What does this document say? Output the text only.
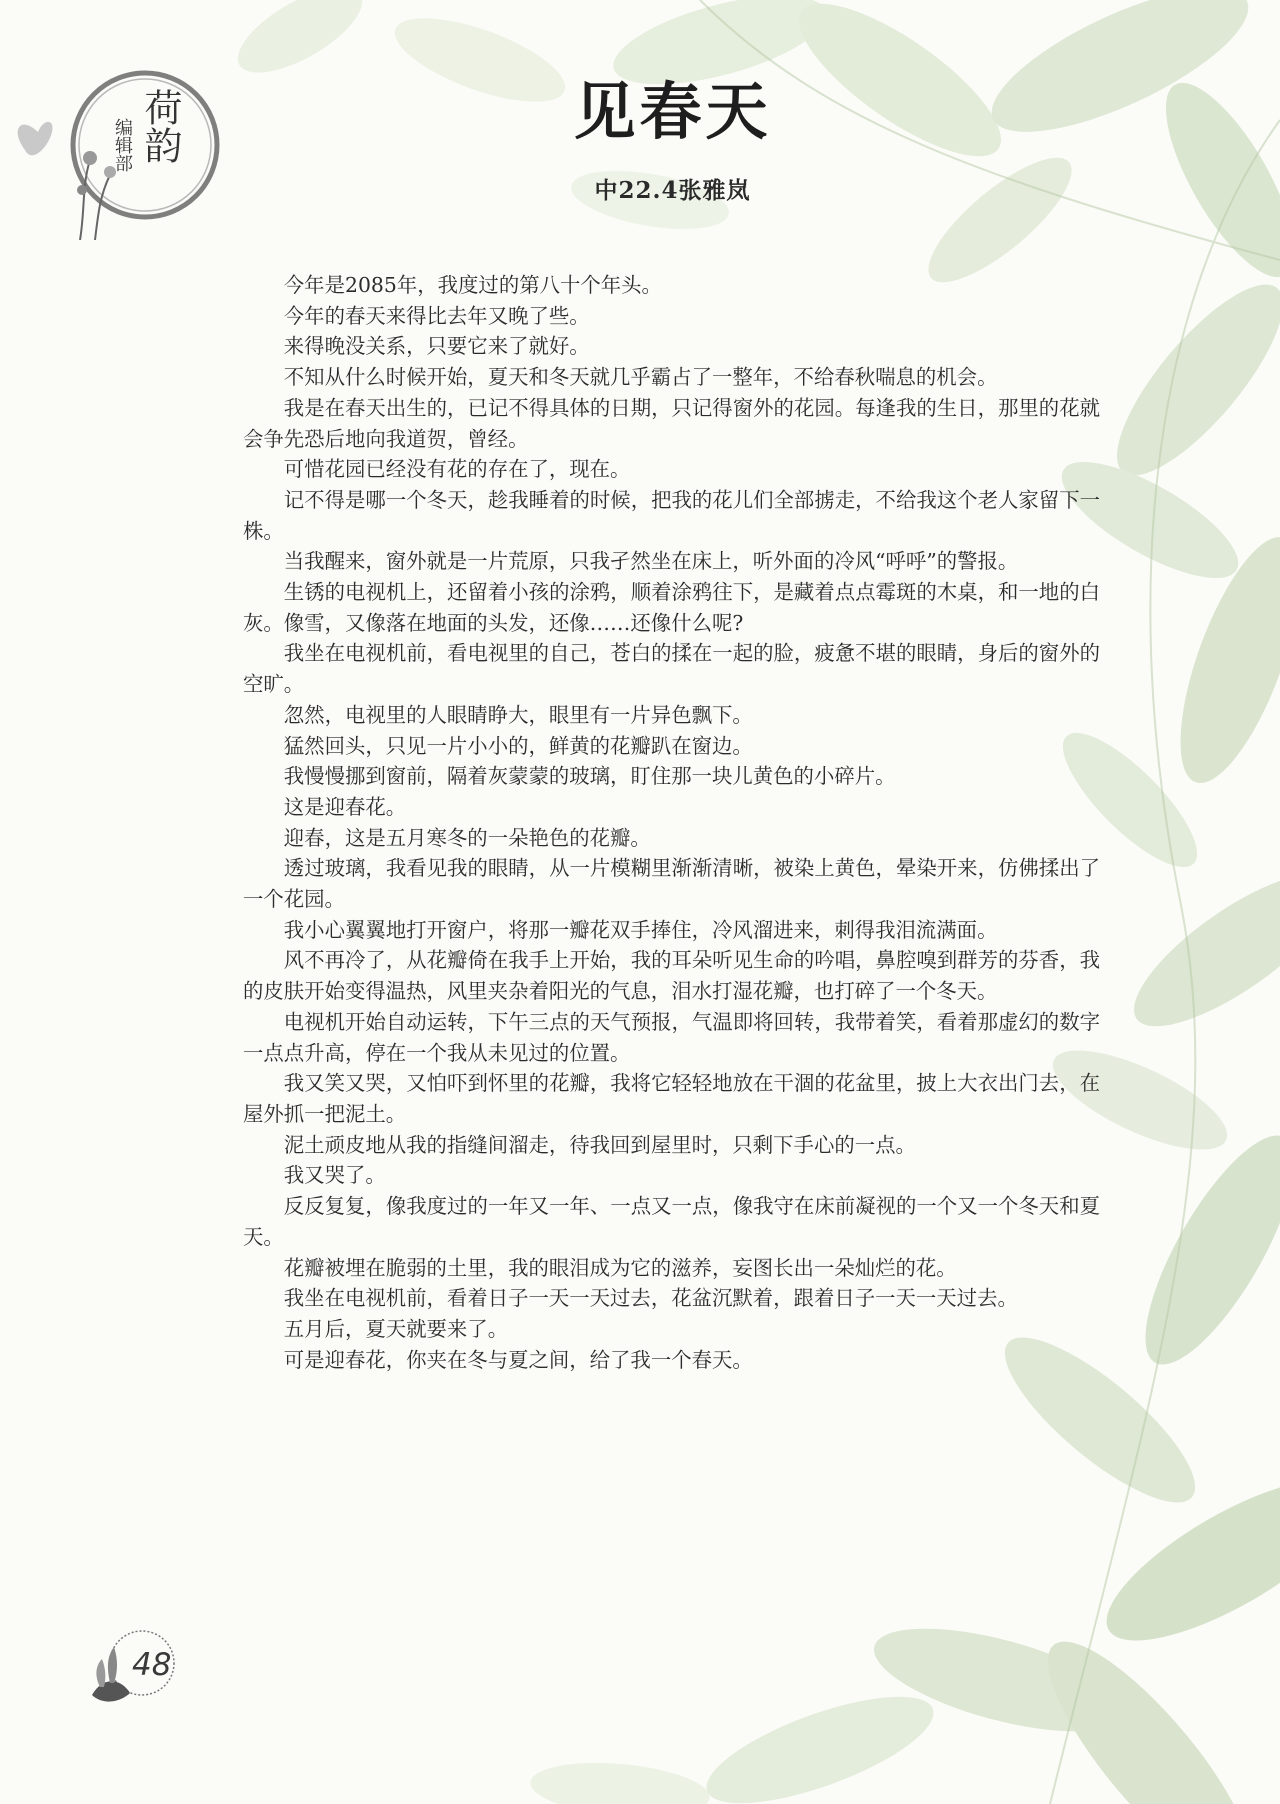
荷韵
编辑部	见春天
中22.4张雅岚

今年是2085年，我度过的第八十个年头。

今年的春天来得比去年又晚了些。

来得晚没关系，只要它来了就好。

不知从什么时候开始，夏天和冬天就几乎霸占了一整年，不给春秋喘息的机会。

我是在春天出生的，已记不得具体的日期，只记得窗外的花园。每逢我的生日，那里的花就会争先恐后地向我道贺，曾经。

可惜花园已经没有花的存在了，现在。

记不得是哪一个冬天，趁我睡着的时候，把我的花儿们全部掳走，不给我这个老人家留下一株。

当我醒来，窗外就是一片荒原，只我孑然坐在床上，听外面的冷风“呼呼”的警报。

生锈的电视机上，还留着小孩的涂鸦，顺着涂鸦往下，是藏着点点霉斑的木桌，和一地的白灰。像雪，又像落在地面的头发，还像……还像什么呢?

我坐在电视机前，看电视里的自己，苍白的揉在一起的脸，疲惫不堪的眼睛，身后的窗外的空旷。

忽然，电视里的人眼睛睁大，眼里有一片异色飘下。

猛然回头，只见一片小小的，鲜黄的花瓣趴在窗边。

我慢慢挪到窗前，隔着灰蒙蒙的玻璃，盯住那一块儿黄色的小碎片。

这是迎春花。

迎春，这是五月寒冬的一朵艳色的花瓣。

透过玻璃，我看见我的眼睛，从一片模糊里渐渐清晰，被染上黄色，晕染开来，仿佛揉出了一个花园。

我小心翼翼地打开窗户，将那一瓣花双手捧住，冷风溜进来，刺得我泪流满面。

风不再冷了，从花瓣倚在我手上开始，我的耳朵听见生命的吟唱，鼻腔嗅到群芳的芬香，我的皮肤开始变得温热，风里夹杂着阳光的气息，泪水打湿花瓣，也打碎了一个冬天。

电视机开始自动运转，下午三点的天气预报，气温即将回转，我带着笑，看着那虚幻的数字一点点升高，停在一个我从未见过的位置。

我又笑又哭，又怕吓到怀里的花瓣，我将它轻轻地放在干涸的花盆里，披上大衣出门去，在屋外抓一把泥土。

泥土顽皮地从我的指缝间溜走，待我回到屋里时，只剩下手心的一点。

我又哭了。

反反复复，像我度过的一年又一年、一点又一点，像我守在床前凝视的一个又一个冬天和夏天。

花瓣被埋在脆弱的土里，我的眼泪成为它的滋养，妄图长出一朵灿烂的花。

我坐在电视机前，看着日子一天一天过去，花盆沉默着，跟着日子一天一天过去。

五月后，夏天就要来了。

可是迎春花，你夹在冬与夏之间，给了我一个春天。

48
